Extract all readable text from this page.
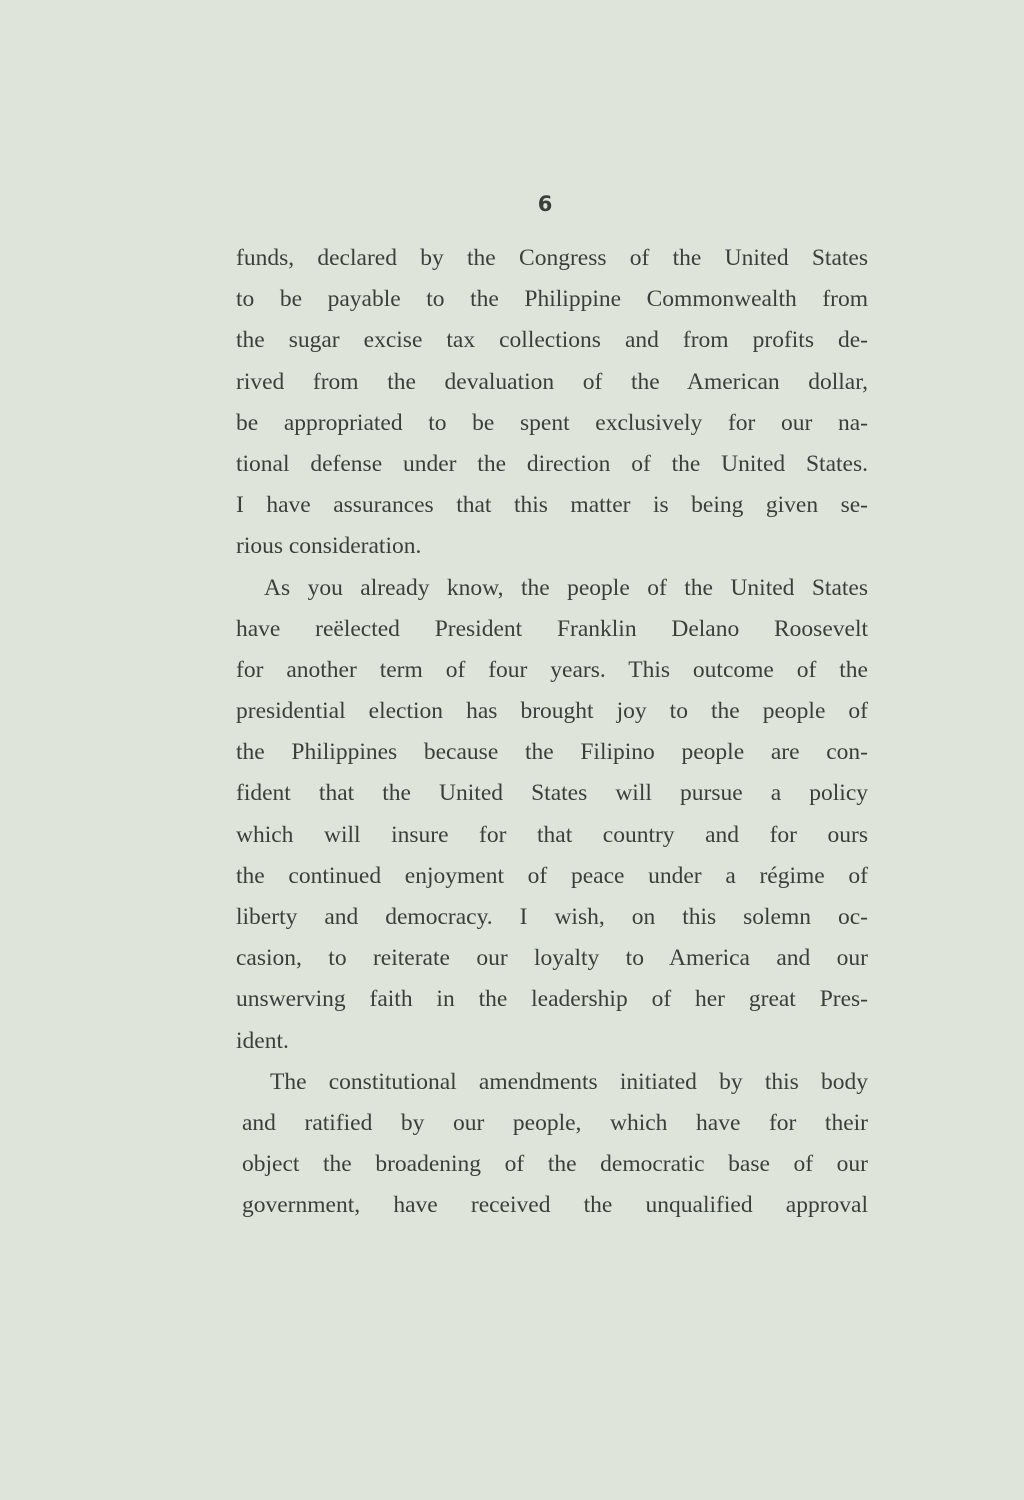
6
funds, declared by the Congress of the United States
to be payable to the Philippine Commonwealth from
the sugar excise tax collections and from profits de-
rived from the devaluation of the American dollar,
be appropriated to be spent exclusively for our na-
tional defense under the direction of the United States.
I have assurances that this matter is being given se-
rious consideration.
As you already know, the people of the United States
have reëlected President Franklin Delano Roosevelt
for another term of four years. This outcome of the
presidential election has brought joy to the people of
the Philippines because the Filipino people are con-
fident that the United States will pursue a policy
which will insure for that country and for ours
the continued enjoyment of peace under a régime of
liberty and democracy. I wish, on this solemn oc-
casion, to reiterate our loyalty to America and our
unswerving faith in the leadership of her great Pres-
ident.
The constitutional amendments initiated by this body
and ratified by our people, which have for their
object the broadening of the democratic base of our
government, have received the unqualified approval
